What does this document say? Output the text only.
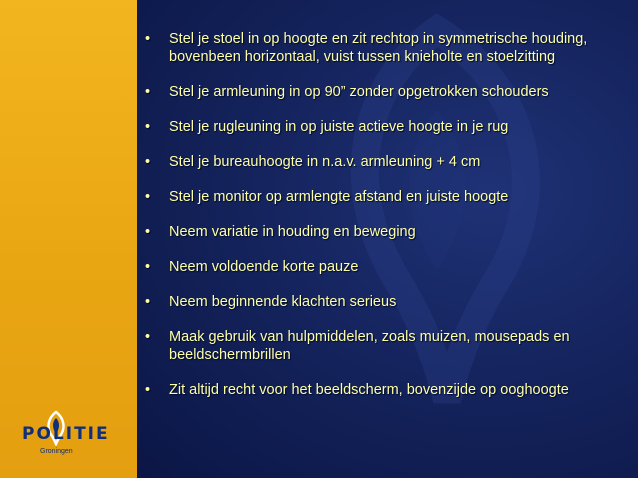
POLITIE
Groningen
• Stel je stoel in op hoogte en zit rechtop in symmetrische houding,
bovenbeen horizontaal, vuist tussen knieholte en stoelzitting
• Stel je armleuning in op 90” zonder opgetrokken schouders
• Stel je rugleuning in op juiste actieve hoogte in je rug
• Stel je bureauhoogte in n.a.v. armleuning + 4 cm
• Stel je monitor op armlengte afstand en juiste hoogte
• Neem variatie in houding en beweging
• Neem voldoende korte pauze
• Neem beginnende klachten serieus
• Maak gebruik van hulpmiddelen, zoals muizen, mousepads en
beeldschermbrillen
• Zit altijd recht voor het beeldscherm, bovenzijde op ooghoogte
